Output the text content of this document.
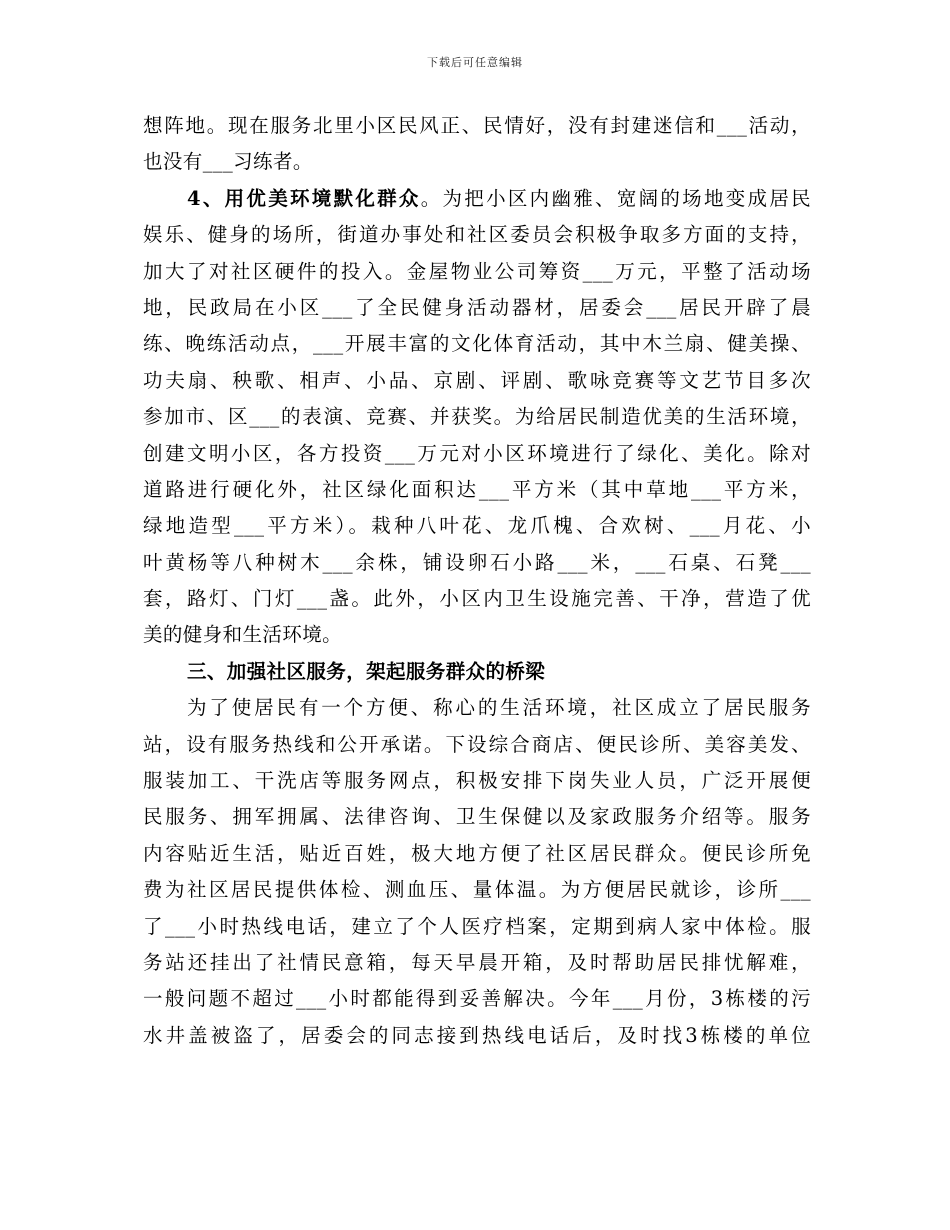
下载后可任意编辑
想阵地。现在服务北里小区民风正、民情好，没有封建迷信和___活动，
也没有___习练者。
4、用优美环境默化群众。为把小区内幽雅、宽阔的场地变成居民
娱乐、健身的场所，街道办事处和社区委员会积极争取多方面的支持，
加大了对社区硬件的投入。金屋物业公司筹资___万元，平整了活动场
地，民政局在小区___了全民健身活动器材，居委会___居民开辟了晨
练、晚练活动点，___开展丰富的文化体育活动，其中木兰扇、健美操、
功夫扇、秧歌、相声、小品、京剧、评剧、歌咏竞赛等文艺节目多次
参加市、区___的表演、竞赛、并获奖。为给居民制造优美的生活环境，
创建文明小区，各方投资___万元对小区环境进行了绿化、美化。除对
道路进行硬化外，社区绿化面积达___平方米（其中草地___平方米，
绿地造型___平方米）。栽种八叶花、龙爪槐、合欢树、___月花、小
叶黄杨等八种树木___余株，铺设卵石小路___米，___石桌、石凳___
套，路灯、门灯___盏。此外，小区内卫生设施完善、干净，营造了优
美的健身和生活环境。
三、加强社区服务，架起服务群众的桥梁
为了使居民有一个方便、称心的生活环境，社区成立了居民服务
站，设有服务热线和公开承诺。下设综合商店、便民诊所、美容美发、
服装加工、干洗店等服务网点，积极安排下岗失业人员，广泛开展便
民服务、拥军拥属、法律咨询、卫生保健以及家政服务介绍等。服务
内容贴近生活，贴近百姓，极大地方便了社区居民群众。便民诊所免
费为社区居民提供体检、测血压、量体温。为方便居民就诊，诊所___
了___小时热线电话，建立了个人医疗档案，定期到病人家中体检。服
务站还挂出了社情民意箱，每天早晨开箱，及时帮助居民排忧解难，
一般问题不超过___小时都能得到妥善解决。今年___月份，3栋楼的污
水井盖被盗了，居委会的同志接到热线电话后，及时找3栋楼的单位
